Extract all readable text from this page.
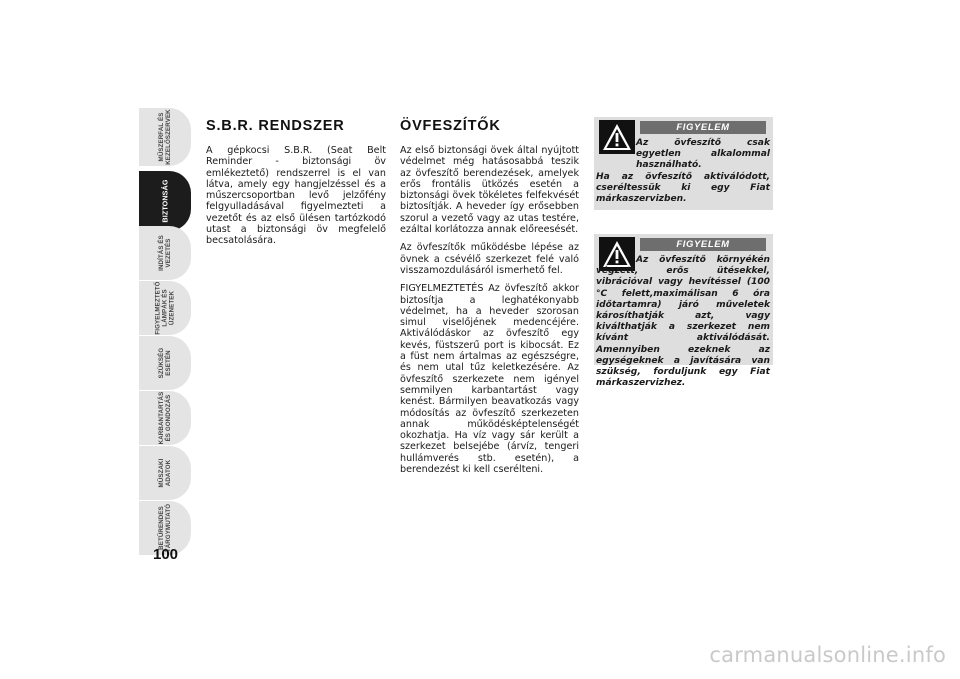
MŰSZERFAL ÉS
KEZELŐSZERVEK
BIZTONSÁG
INDÍTÁS ÉS
VEZETÉS
FIGYELMEZTETŐ
LÁMPÁK ÉS
ÜZENETEK
SZÜKSÉG
ESETÉN
KARBANTARTÁS
ÉS GONDOZÁS
MŰSZAKI
ADATOK
BETŰRENDES
TÁRGYMUTATÓ
100
S.B.R. RENDSZER

A gépkocsi S.B.R. (Seat Belt Reminder - biztonsági öv emlékeztető) rendszerrel is el van látva, amely egy hangjelzéssel és a műszercsoportban levő jelzőfény felgyulladásával figyelmezteti a vezetőt és az első ülésen tartózkodó utast a biztonsági öv megfelelő becsatolására.

ÖVFESZÍTŐK

Az első biztonsági övek által nyújtott védelmet még hatásosabbá teszik az övfeszítő berendezések, amelyek erős frontális ütközés esetén a biztonsági övek tökéletes felfekvését biztosítják. A heveder így erősebben szorul a vezető vagy az utas testére, ezáltal korlátozza annak előreesését.

Az övfeszítők működésbe lépése az övnek a csévélő szerkezet felé való visszamozdulásáról ismerhető fel.

FIGYELMEZTETÉS Az övfeszítő akkor biztosítja a leghatékonyabb védelmet, ha a heveder szorosan simul viselőjének medencéjére. Aktiválódáskor az övfeszítő egy kevés, füstszerű port is kibocsát. Ez a füst nem ártalmas az egészségre, és nem utal tűz keletkezésére. Az övfeszítő szerkezete nem igényel semmilyen karbantartást vagy kenést. Bármilyen beavatkozás vagy módosítás az övfeszítő szerkezeten annak működésképtelenségét okozhatja. Ha víz vagy sár került a szerkezet belsejébe (árvíz, tengeri hullámverés stb. esetén), a berendezést ki kell cserélteni.

FIGYELEM
Az övfeszítő csak egyetlen alkalommal használható.
Ha az övfeszítő aktiválódott, cseréltessük ki egy Fiat márkaszervizben.
FIGYELEM
Az övfeszítő környékén végzett, erős ütésekkel, vibrációval vagy hevítéssel (100 °C felett,maximálisan 6 óra időtartamra) járó műveletek károsíthatják azt, vagy kiválthatják a szerkezet nem kívánt aktiválódását. Amennyiben ezeknek az egységeknek a javítására van szükség, forduljunk egy Fiat márkaszervizhez.
carmanualsonline.info
